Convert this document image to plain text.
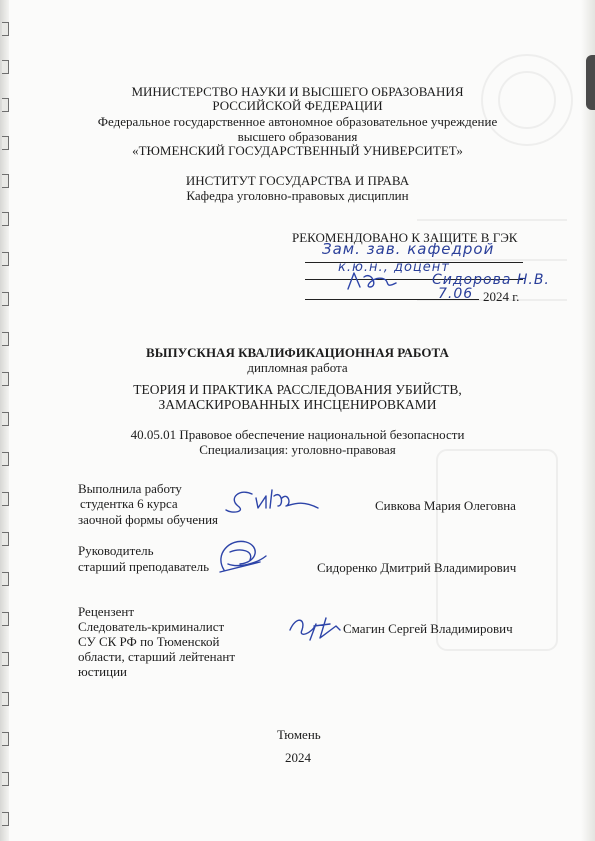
МИНИСТЕРСТВО НАУКИ И ВЫСШЕГО ОБРАЗОВАНИЯ
РОССИЙСКОЙ ФЕДЕРАЦИИ
Федеральное государственное автономное образовательное учреждение
высшего образования
«ТЮМЕНСКИЙ ГОСУДАРСТВЕННЫЙ УНИВЕРСИТЕТ»
ИНСТИТУТ ГОСУДАРСТВА И ПРАВА
Кафедра уголовно-правовых дисциплин
РЕКОМЕНДОВАНО К ЗАЩИТЕ В ГЭК
Зам. зав. кафедрой
к.ю.н., доцент
Сидорова Н.В.
7.06 2024 г.
ВЫПУСКНАЯ КВАЛИФИКАЦИОННАЯ РАБОТА
дипломная работа
ТЕОРИЯ И ПРАКТИКА РАССЛЕДОВАНИЯ УБИЙСТВ,
ЗАМАСКИРОВАННЫХ ИНСЦЕНИРОВКАМИ
40.05.01 Правовое обеспечение национальной безопасности
Специализация: уголовно-правовая
Выполнила работу
студентка 6 курса
заочной формы обучения
Сивкова Мария Олеговна
Руководитель
старший преподаватель	Сидоренко Дмитрий Владимирович
Рецензент
Следователь-криминалист
СУ СК РФ по Тюменской
области, старший лейтенант
юстиции
Смагин Сергей Владимирович
Тюмень
2024
